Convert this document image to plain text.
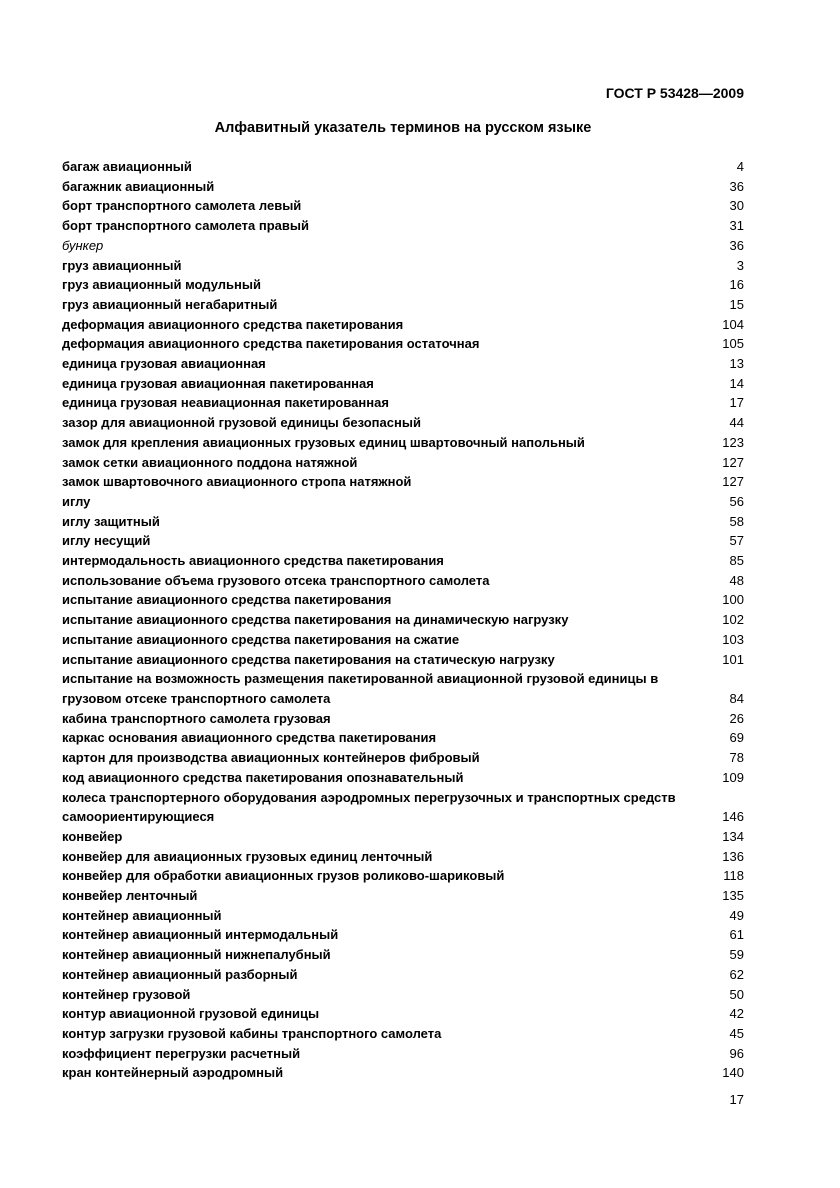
ГОСТ Р 53428—2009
Алфавитный указатель терминов на русском языке
багаж авиационный	4
багажник авиационный	36
борт транспортного самолета левый	30
борт транспортного самолета правый	31
бункер	36
груз авиационный	3
груз авиационный модульный	16
груз авиационный негабаритный	15
деформация авиационного средства пакетирования	104
деформация авиационного средства пакетирования остаточная	105
единица грузовая авиационная	13
единица грузовая авиационная пакетированная	14
единица грузовая неавиационная пакетированная	17
зазор для авиационной грузовой единицы безопасный	44
замок для крепления авиационных грузовых единиц швартовочный напольный	123
замок сетки авиационного поддона натяжной	127
замок швартовочного авиационного стропа натяжной	127
иглу	56
иглу защитный	58
иглу несущий	57
интермодальность авиационного средства пакетирования	85
использование объема грузового отсека транспортного самолета	48
испытание авиационного средства пакетирования	100
испытание авиационного средства пакетирования на динамическую нагрузку	102
испытание авиационного средства пакетирования на сжатие	103
испытание авиационного средства пакетирования на статическую нагрузку	101
испытание на возможность размещения пакетированной авиационной грузовой единицы в грузовом отсеке транспортного самолета	84
кабина транспортного самолета грузовая	26
каркас основания авиационного средства пакетирования	69
картон для производства авиационных контейнеров фибровый	78
код авиационного средства пакетирования опознавательный	109
колеса транспортерного оборудования аэродромных перегрузочных и транспортных средств самоориентирующиеся	146
конвейер	134
конвейер для авиационных грузовых единиц ленточный	136
конвейер для обработки авиационных грузов роликово-шариковый	118
конвейер ленточный	135
контейнер авиационный	49
контейнер авиационный интермодальный	61
контейнер авиационный нижнепалубный	59
контейнер авиационный разборный	62
контейнер грузовой	50
контур авиационной грузовой единицы	42
контур загрузки грузовой кабины транспортного самолета	45
коэффициент перегрузки расчетный	96
кран контейнерный аэродромный	140
17
